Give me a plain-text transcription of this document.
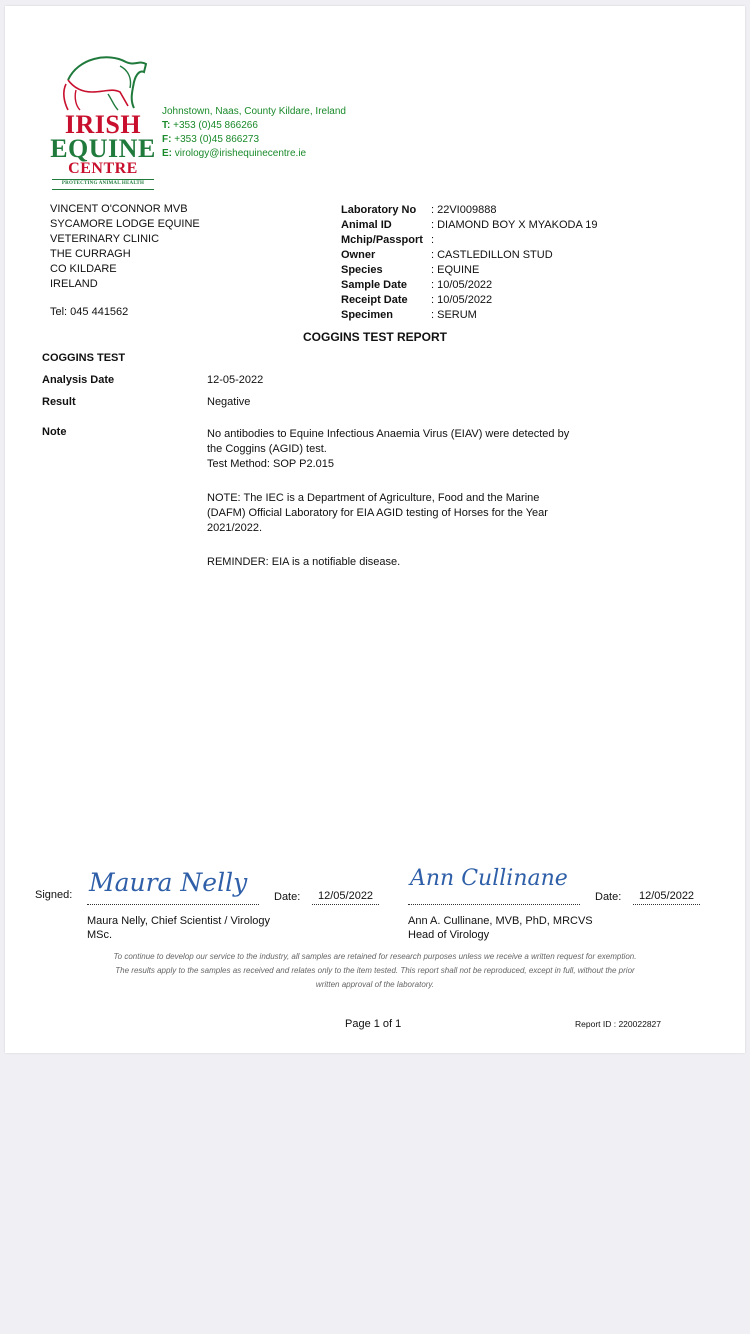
IRISH
EQUINE
CENTRE
PROTECTING ANIMAL HEALTH
Johnstown, Naas, County Kildare, Ireland
T: +353 (0)45 866266
F: +353 (0)45 866273
E: virology@irishequinecentre.ie
VINCENT O'CONNOR MVB
SYCAMORE LODGE EQUINE
VETERINARY CLINIC
THE CURRAGH
CO KILDARE
IRELAND
Tel: 045 441562
Laboratory No	: 22VI009888
Animal ID	: DIAMOND BOY X MYAKODA 19
Mchip/Passport :
Owner	: CASTLEDILLON STUD
Species	: EQUINE
Sample Date	: 10/05/2022
Receipt Date	: 10/05/2022
Specimen	: SERUM
COGGINS TEST REPORT
COGGINS TEST
Analysis Date	12-05-2022
Result	Negative
Note	No antibodies to Equine Infectious Anaemia Virus (EIAV) were detected by
the Coggins (AGID) test.
Test Method: SOP P2.015

NOTE: The IEC is a Department of Agriculture, Food and the Marine
(DAFM) Official Laboratory for EIA AGID testing of Horses for the Year
2021/2022.

REMINDER: EIA is a notifiable disease.

Signed: Maura Nelly Date:	12/05/2022
Maura Nelly, Chief Scientist / Virology
MSc.
Ann Cullinane
Date:	12/05/2022
Ann A. Cullinane, MVB, PhD, MRCVS
Head of Virology
To continue to develop our service to the industry, all samples are retained for research purposes unless we receive a written request for exemption.
The results apply to the samples as received and relates only to the item tested. This report shall not be reproduced, except in full, without the prior
written approval of the laboratory.
Page 1 of 1	Report ID : 220022827
